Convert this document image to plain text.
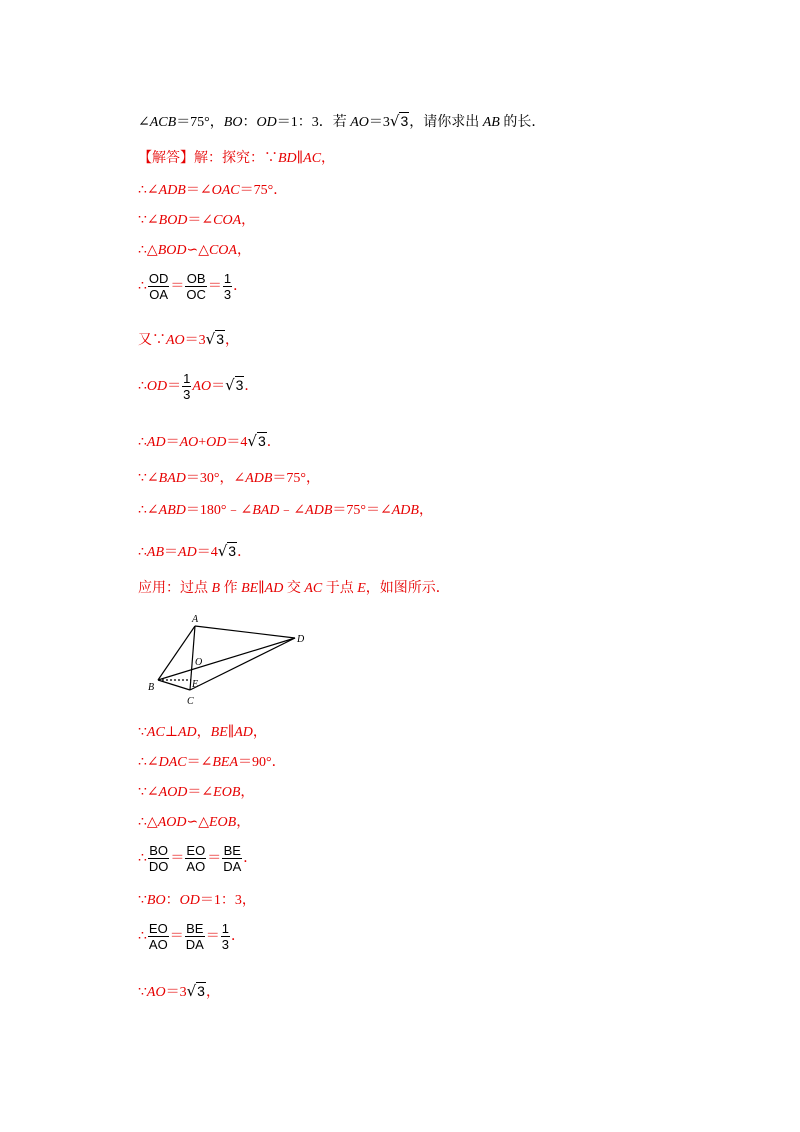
∠ACB＝75°，BO：OD＝1：3．若 AO＝3√3，请你求出 AB 的长．
【解答】解：探究：∵BD∥AC，
∴∠ADB＝∠OAC＝75°．
∵∠BOD＝∠COA，
∴△BOD∽△COA，
∴ $\frac{OD}{OA} = \frac{OB}{OC} = \frac{1}{3}$ ．
又∵AO＝3√3，
∴OD＝ $\frac{1}{3} AO=√3$．
∴AD＝AO+OD＝4√3．
∵∠BAD＝30°，∠ADB＝75°，
∴∠ABD＝180°﹣∠BAD﹣∠ADB＝75°＝∠ADB，
∴AB＝AD＝4√3．
应用：过点 B 作 BE∥AD 交 AC 于点 E，如图所示．
A
D
B
C
E
O
∵AC⊥AD，BE∥AD，
∴∠DAC＝∠BEA＝90°．
∵∠AOD＝∠EOB，
∴△AOD∽△EOB，
∴ $\frac{BO}{DO} = \frac{EO}{AO} = \frac{BE}{DA}$ ．
∵BO：OD＝1：3，
∴ $\frac{EO}{AO} = \frac{BE}{DA} = \frac{1}{3}$ ．
∵AO＝3√3，
